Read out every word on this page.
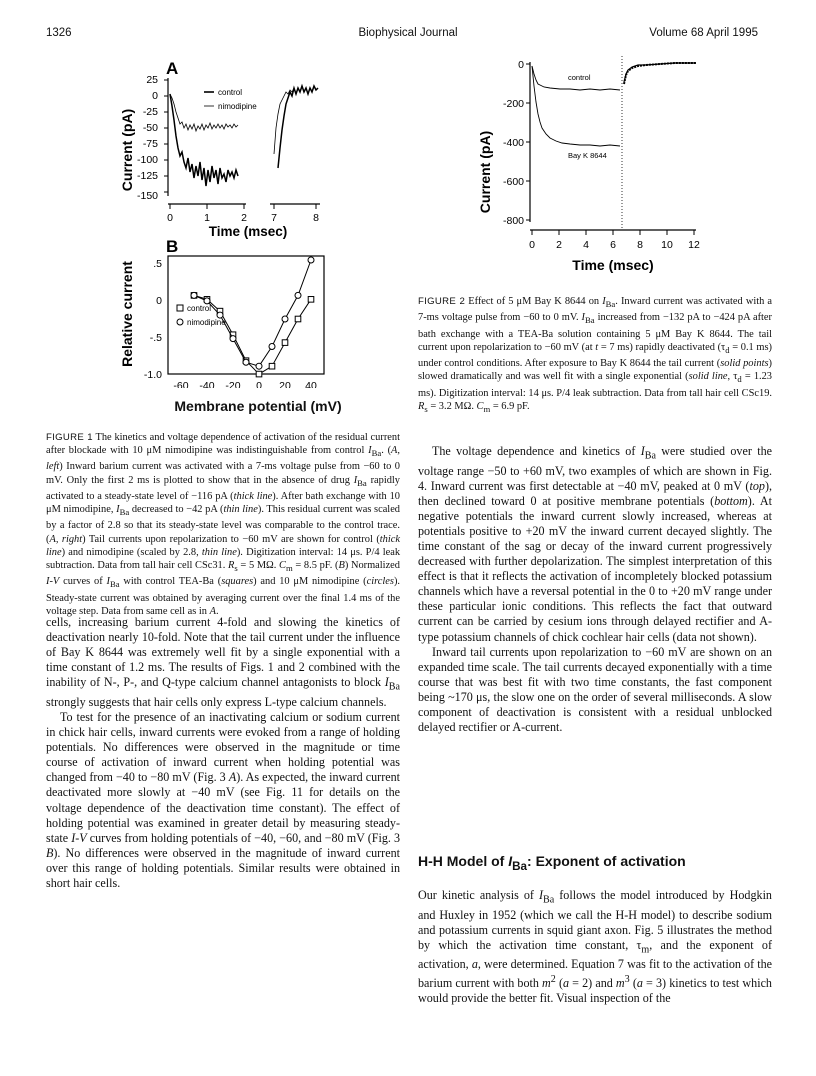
1326	Biophysical Journal	Volume 68 April 1995
A
Current (pA)
25
0
-25
-50
-75
-100
-125
-150
control
nimodipine
0	1	2 7	8
Time (msec)
B
Relative current .5
0
-.5
-1.0
-60 -40 -20 0 20 40
control
nimodipine
Membrane potential (mV)
FIGURE 1 The kinetics and voltage dependence of activation of the residual current after blockade with 10 μM nimodipine was indistinguishable from control $I_{Ba}$. (A, left) Inward barium current was activated with a 7-ms voltage pulse from −60 to 0 mV. Only the first 2 ms is plotted to show that in the absence of drug $I_{Ba}$ rapidly activated to a steady-state level of −116 pA (thick line). After bath exchange with 10 μM nimodipine, $I_{Ba}$ decreased to −42 pA (thin line). This residual current was scaled by a factor of 2.8 so that its steady-state level was comparable to the control trace. (A, right) Tail currents upon repolarization to −60 mV are shown for control (thick line) and nimodipine (scaled by 2.8, thin line). Digitization interval: 14 μs. P/4 leak subtraction. Data from tall hair cell CSc31. $R_s = 5$ MΩ. $C_m = 8.5$ pF. (B) Normalized I-V curves of $I_{Ba}$ with control TEA-Ba (squares) and 10 μM nimodipine (circles). Steady-state current was obtained by averaging current over the final 1.4 ms of the voltage step. Data from same cell as in A.
Current (pA)
0
-200
-400
-600
-800
control
Bay K 8644
0 2 4 6 8 10 12
Time (msec)
FIGURE 2 Effect of 5 μM Bay K 8644 on $I_{Ba}$. Inward current was activated with a 7-ms voltage pulse from −60 to 0 mV. $I_{Ba}$ increased from −132 pA to −424 pA after bath exchange with a TEA-Ba solution containing 5 μM Bay K 8644. The tail current upon repolarization to −60 mV (at t = 7 ms) rapidly deactivated ($\tau_d = 0.1$ ms) under control conditions. After exposure to Bay K 8644 the tail current (solid points) slowed dramatically and was well fit with a single exponential (solid line, $\tau_d = 1.23$ ms). Digitization interval: 14 μs. P/4 leak subtraction. Data from tall hair cell CSc19. $R_s = 3.2$ MΩ. $C_m = 6.9$ pF.

cells, increasing barium current 4-fold and slowing the kinetics of deactivation nearly 10-fold. Note that the tail current under the influence of Bay K 8644 was extremely well fit by a single exponential with a time constant of 1.2 ms. The results of Figs. 1 and 2 combined with the inability of N-, P-, and Q-type calcium channel antagonists to block $I_{Ba}$ strongly suggests that hair cells only express L-type calcium channels.

To test for the presence of an inactivating calcium or sodium current in chick hair cells, inward currents were evoked from a range of holding potentials. No differences were observed in the magnitude or time course of activation of inward current when holding potential was changed from −40 to −80 mV (Fig. 3 A). As expected, the inward current deactivated more slowly at −40 mV (see Fig. 11 for details on the voltage dependence of the deactivation time constant). The effect of holding potential was examined in greater detail by measuring steady-state I-V curves from holding potentials of −40, −60, and −80 mV (Fig. 3 B). No differences were observed in the magnitude of inward current over this range of holding potentials. Similar results were obtained in short hair cells.

The voltage dependence and kinetics of $I_{Ba}$ were studied over the voltage range −50 to +60 mV, two examples of which are shown in Fig. 4. Inward current was first detectable at −40 mV, peaked at 0 mV (top), then declined toward 0 at positive membrane potentials (bottom). At negative potentials the inward current slowly increased, whereas at potentials positive to +20 mV the inward current decayed slightly. The time constant of the sag or decay of the inward current progressively decreased with further depolarization. The simplest interpretation of this effect is that it reflects the activation of incompletely blocked potassium channels which have a reversal potential in the 0 to +20 mV range under these particular ionic conditions. This reflects the fact that outward current can be carried by cesium ions through delayed rectifier and A-type potassium channels of chick cochlear hair cells (data not shown).

Inward tail currents upon repolarization to −60 mV are shown on an expanded time scale. The tail currents decayed exponentially with a time course that was best fit with two time constants, the fast component being ~170 μs, the slow one on the order of several milliseconds. A slow component of deactivation is consistent with a residual unblocked delayed rectifier or A-current.

H-H Model of $I_{Ba}$: Exponent of activation

Our kinetic analysis of $I_{Ba}$ follows the model introduced by Hodgkin and Huxley in 1952 (which we call the H-H model) to describe sodium and potassium currents in squid giant axon. Fig. 5 illustrates the method by which the activation time constant, $\tau_m$, and the exponent of activation, a, were determined. Equation 7 was fit to the activation of the barium current with both $m^2$ (a = 2) and $m^3$ (a = 3) kinetics to test which would provide the better fit. Visual inspection of the
